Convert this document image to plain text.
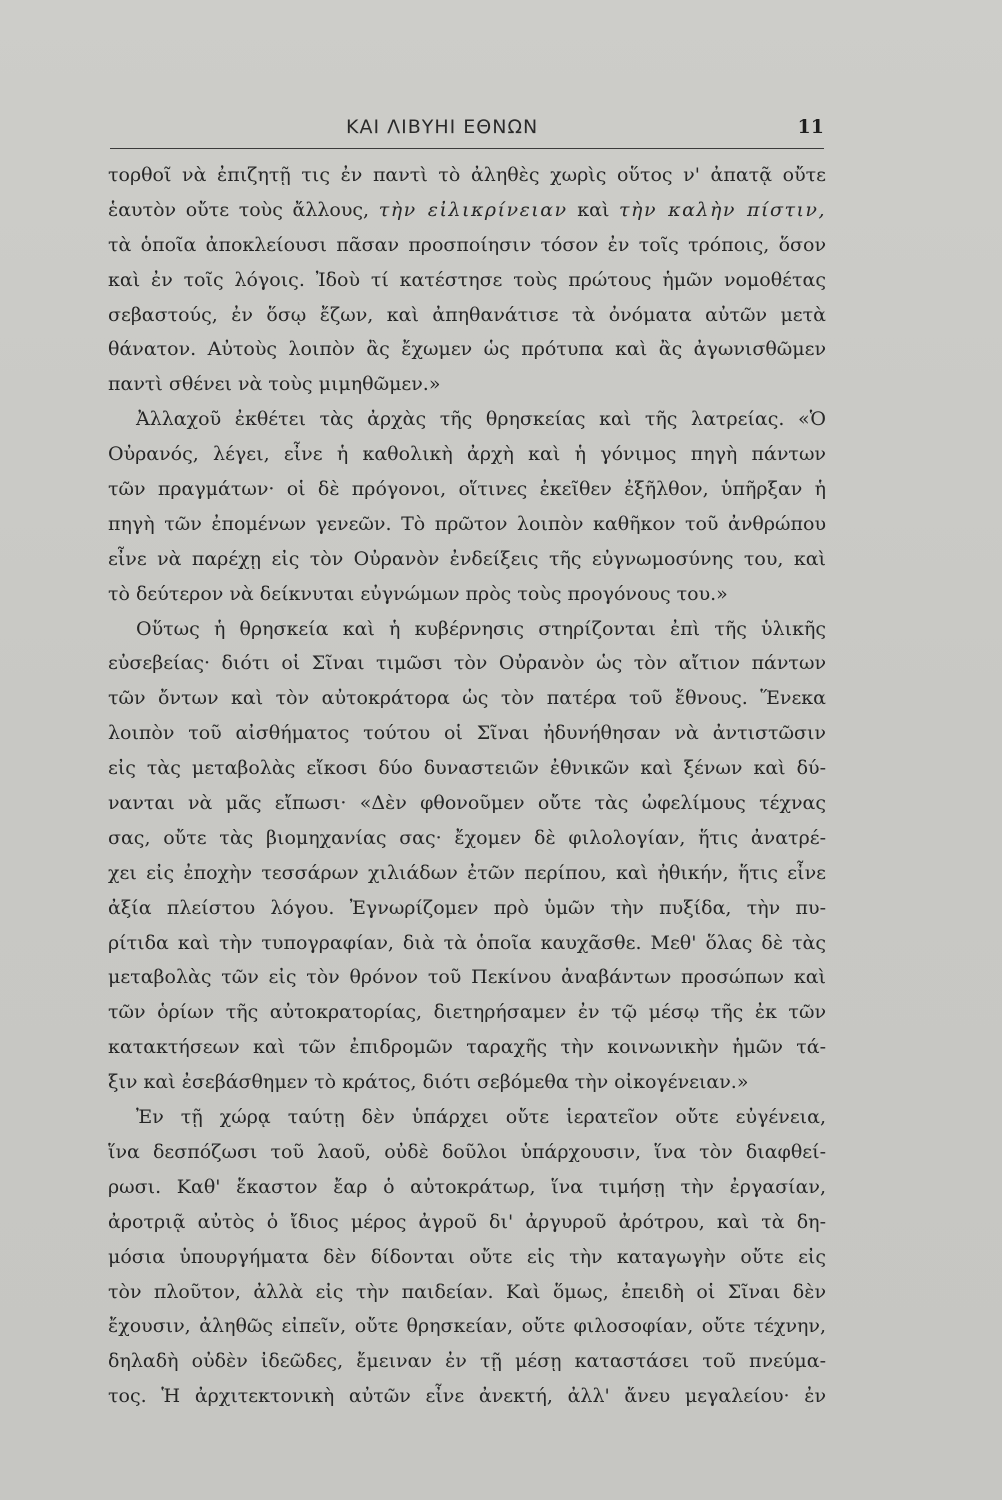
ΚΑΙ ΛΙΒΥΗΙ ΕΘΝΩΝ	11
τορθοῖ νὰ ἐπιζητῇ τις ἐν παντὶ τὸ ἀληθὲς χωρὶς οὕτος ν' ἀπατᾷ οὔτε
ἑαυτὸν οὔτε τοὺς ἄλλους, τὴν εἰλικρίνειαν καὶ τὴν καλὴν πίστιν,
τὰ ὁποῖα ἀποκλείουσι πᾶσαν προσποίησιν τόσον ἐν τοῖς τρόποις, ὅσον
καὶ ἐν τοῖς λόγοις. Ἰδοὺ τί κατέστησε τοὺς πρώτους ἡμῶν νομοθέτας
σεβαστούς, ἐν ὅσῳ ἔζων, καὶ ἀπηθανάτισε τὰ ὀνόματα αὐτῶν μετὰ
θάνατον. Αὐτοὺς λοιπὸν ἂς ἔχωμεν ὡς πρότυπα καὶ ἂς ἀγωνισθῶμεν
παντὶ σθένει νὰ τοὺς μιμηθῶμεν.»
Ἀλλαχοῦ ἐκθέτει τὰς ἀρχὰς τῆς θρησκείας καὶ τῆς λατρείας. «Ὁ
Οὐρανός, λέγει, εἶνε ἡ καθολικὴ ἀρχὴ καὶ ἡ γόνιμος πηγὴ πάντων
τῶν πραγμάτων· οἱ δὲ πρόγονοι, οἵτινες ἐκεῖθεν ἐξῆλθον, ὑπῆρξαν ἡ
πηγὴ τῶν ἐπομένων γενεῶν. Τὸ πρῶτον λοιπὸν καθῆκον τοῦ ἀνθρώπου
εἶνε νὰ παρέχῃ εἰς τὸν Οὐρανὸν ἐνδείξεις τῆς εὐγνωμοσύνης του, καὶ
τὸ δεύτερον νὰ δείκνυται εὐγνώμων πρὸς τοὺς προγόνους του.»
Οὕτως ἡ θρησκεία καὶ ἡ κυβέρνησις στηρίζονται ἐπὶ τῆς ὑλικῆς
εὐσεβείας· διότι οἱ Σῖναι τιμῶσι τὸν Οὐρανὸν ὡς τὸν αἴτιον πάντων
τῶν ὄντων καὶ τὸν αὐτοκράτορα ὡς τὸν πατέρα τοῦ ἔθνους. Ἕνεκα
λοιπὸν τοῦ αἰσθήματος τούτου οἱ Σῖναι ἠδυνήθησαν νὰ ἀντιστῶσιν
εἰς τὰς μεταβολὰς εἴκοσι δύο δυναστειῶν ἐθνικῶν καὶ ξένων καὶ δύ-
νανται νὰ μᾶς εἴπωσι· «Δὲν φθονοῦμεν οὔτε τὰς ὠφελίμους τέχνας
σας, οὔτε τὰς βιομηχανίας σας· ἔχομεν δὲ φιλολογίαν, ἥτις ἀνατρέ-
χει εἰς ἐποχὴν τεσσάρων χιλιάδων ἐτῶν περίπου, καὶ ἠθικήν, ἥτις εἶνε
ἀξία πλείστου λόγου. Ἐγνωρίζομεν πρὸ ὑμῶν τὴν πυξίδα, τὴν πυ-
ρίτιδα καὶ τὴν τυπογραφίαν, διὰ τὰ ὁποῖα καυχᾶσθε. Μεθ' ὅλας δὲ τὰς
μεταβολὰς τῶν εἰς τὸν θρόνον τοῦ Πεκίνου ἀναβάντων προσώπων καὶ
τῶν ὁρίων τῆς αὐτοκρατορίας, διετηρήσαμεν ἐν τῷ μέσῳ τῆς ἐκ τῶν
κατακτήσεων καὶ τῶν ἐπιδρομῶν ταραχῆς τὴν κοινωνικὴν ἡμῶν τά-
ξιν καὶ ἐσεβάσθημεν τὸ κράτος, διότι σεβόμεθα τὴν οἰκογένειαν.»
Ἐν τῇ χώρᾳ ταύτῃ δὲν ὑπάρχει οὔτε ἱερατεῖον οὔτε εὐγένεια,
ἵνα δεσπόζωσι τοῦ λαοῦ, οὐδὲ δοῦλοι ὑπάρχουσιν, ἵνα τὸν διαφθεί-
ρωσι. Καθ' ἕκαστον ἔαρ ὁ αὐτοκράτωρ, ἵνα τιμήσῃ τὴν ἐργασίαν,
ἀροτριᾷ αὐτὸς ὁ ἴδιος μέρος ἀγροῦ δι' ἀργυροῦ ἀρότρου, καὶ τὰ δη-
μόσια ὑπουργήματα δὲν δίδονται οὔτε εἰς τὴν καταγωγὴν οὔτε εἰς
τὸν πλοῦτον, ἀλλὰ εἰς τὴν παιδείαν. Καὶ ὅμως, ἐπειδὴ οἱ Σῖναι δὲν
ἔχουσιν, ἀληθῶς εἰπεῖν, οὔτε θρησκείαν, οὔτε φιλοσοφίαν, οὔτε τέχνην,
δηλαδὴ οὐδὲν ἰδεῶδες, ἔμειναν ἐν τῇ μέσῃ καταστάσει τοῦ πνεύμα-
τος. Ἡ ἀρχιτεκτονικὴ αὐτῶν εἶνε ἀνεκτή, ἀλλ' ἄνευ μεγαλείου· ἐν
